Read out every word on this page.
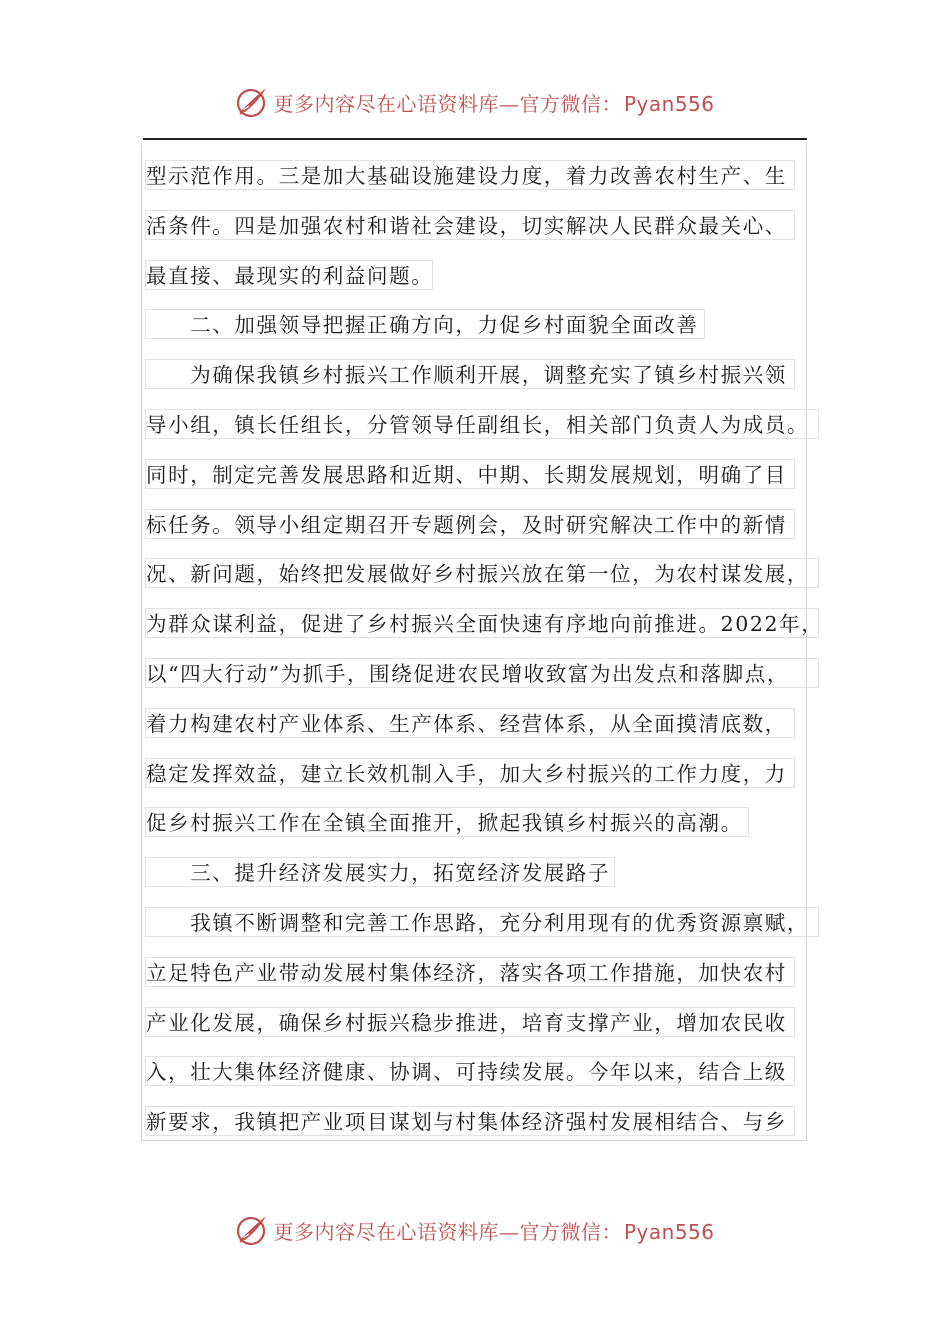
更多内容尽在心语资料库—官方微信： Pyan556
型示范作用。三是加大基础设施建设力度，着力改善农村生产、生
活条件。四是加强农村和谐社会建设，切实解决人民群众最关心、
最直接、最现实的利益问题。
　　二、加强领导把握正确方向，力促乡村面貌全面改善
　　为确保我镇乡村振兴工作顺利开展，调整充实了镇乡村振兴领
导小组，镇长任组长，分管领导任副组长，相关部门负责人为成员。
同时，制定完善发展思路和近期、中期、长期发展规划，明确了目
标任务。领导小组定期召开专题例会，及时研究解决工作中的新情
况、新问题，始终把发展做好乡村振兴放在第一位，为农村谋发展，
为群众谋利益，促进了乡村振兴全面快速有序地向前推进。2022年，
以“四大行动”为抓手，围绕促进农民增收致富为出发点和落脚点，
着力构建农村产业体系、生产体系、经营体系，从全面摸清底数，
稳定发挥效益，建立长效机制入手，加大乡村振兴的工作力度，力
促乡村振兴工作在全镇全面推开，掀起我镇乡村振兴的高潮。
　　三、提升经济发展实力，拓宽经济发展路子
　　我镇不断调整和完善工作思路，充分利用现有的优秀资源禀赋，
立足特色产业带动发展村集体经济，落实各项工作措施，加快农村
产业化发展，确保乡村振兴稳步推进，培育支撑产业，增加农民收
入，壮大集体经济健康、协调、可持续发展。今年以来，结合上级
新要求，我镇把产业项目谋划与村集体经济强村发展相结合、与乡
更多内容尽在心语资料库—官方微信： Pyan556
